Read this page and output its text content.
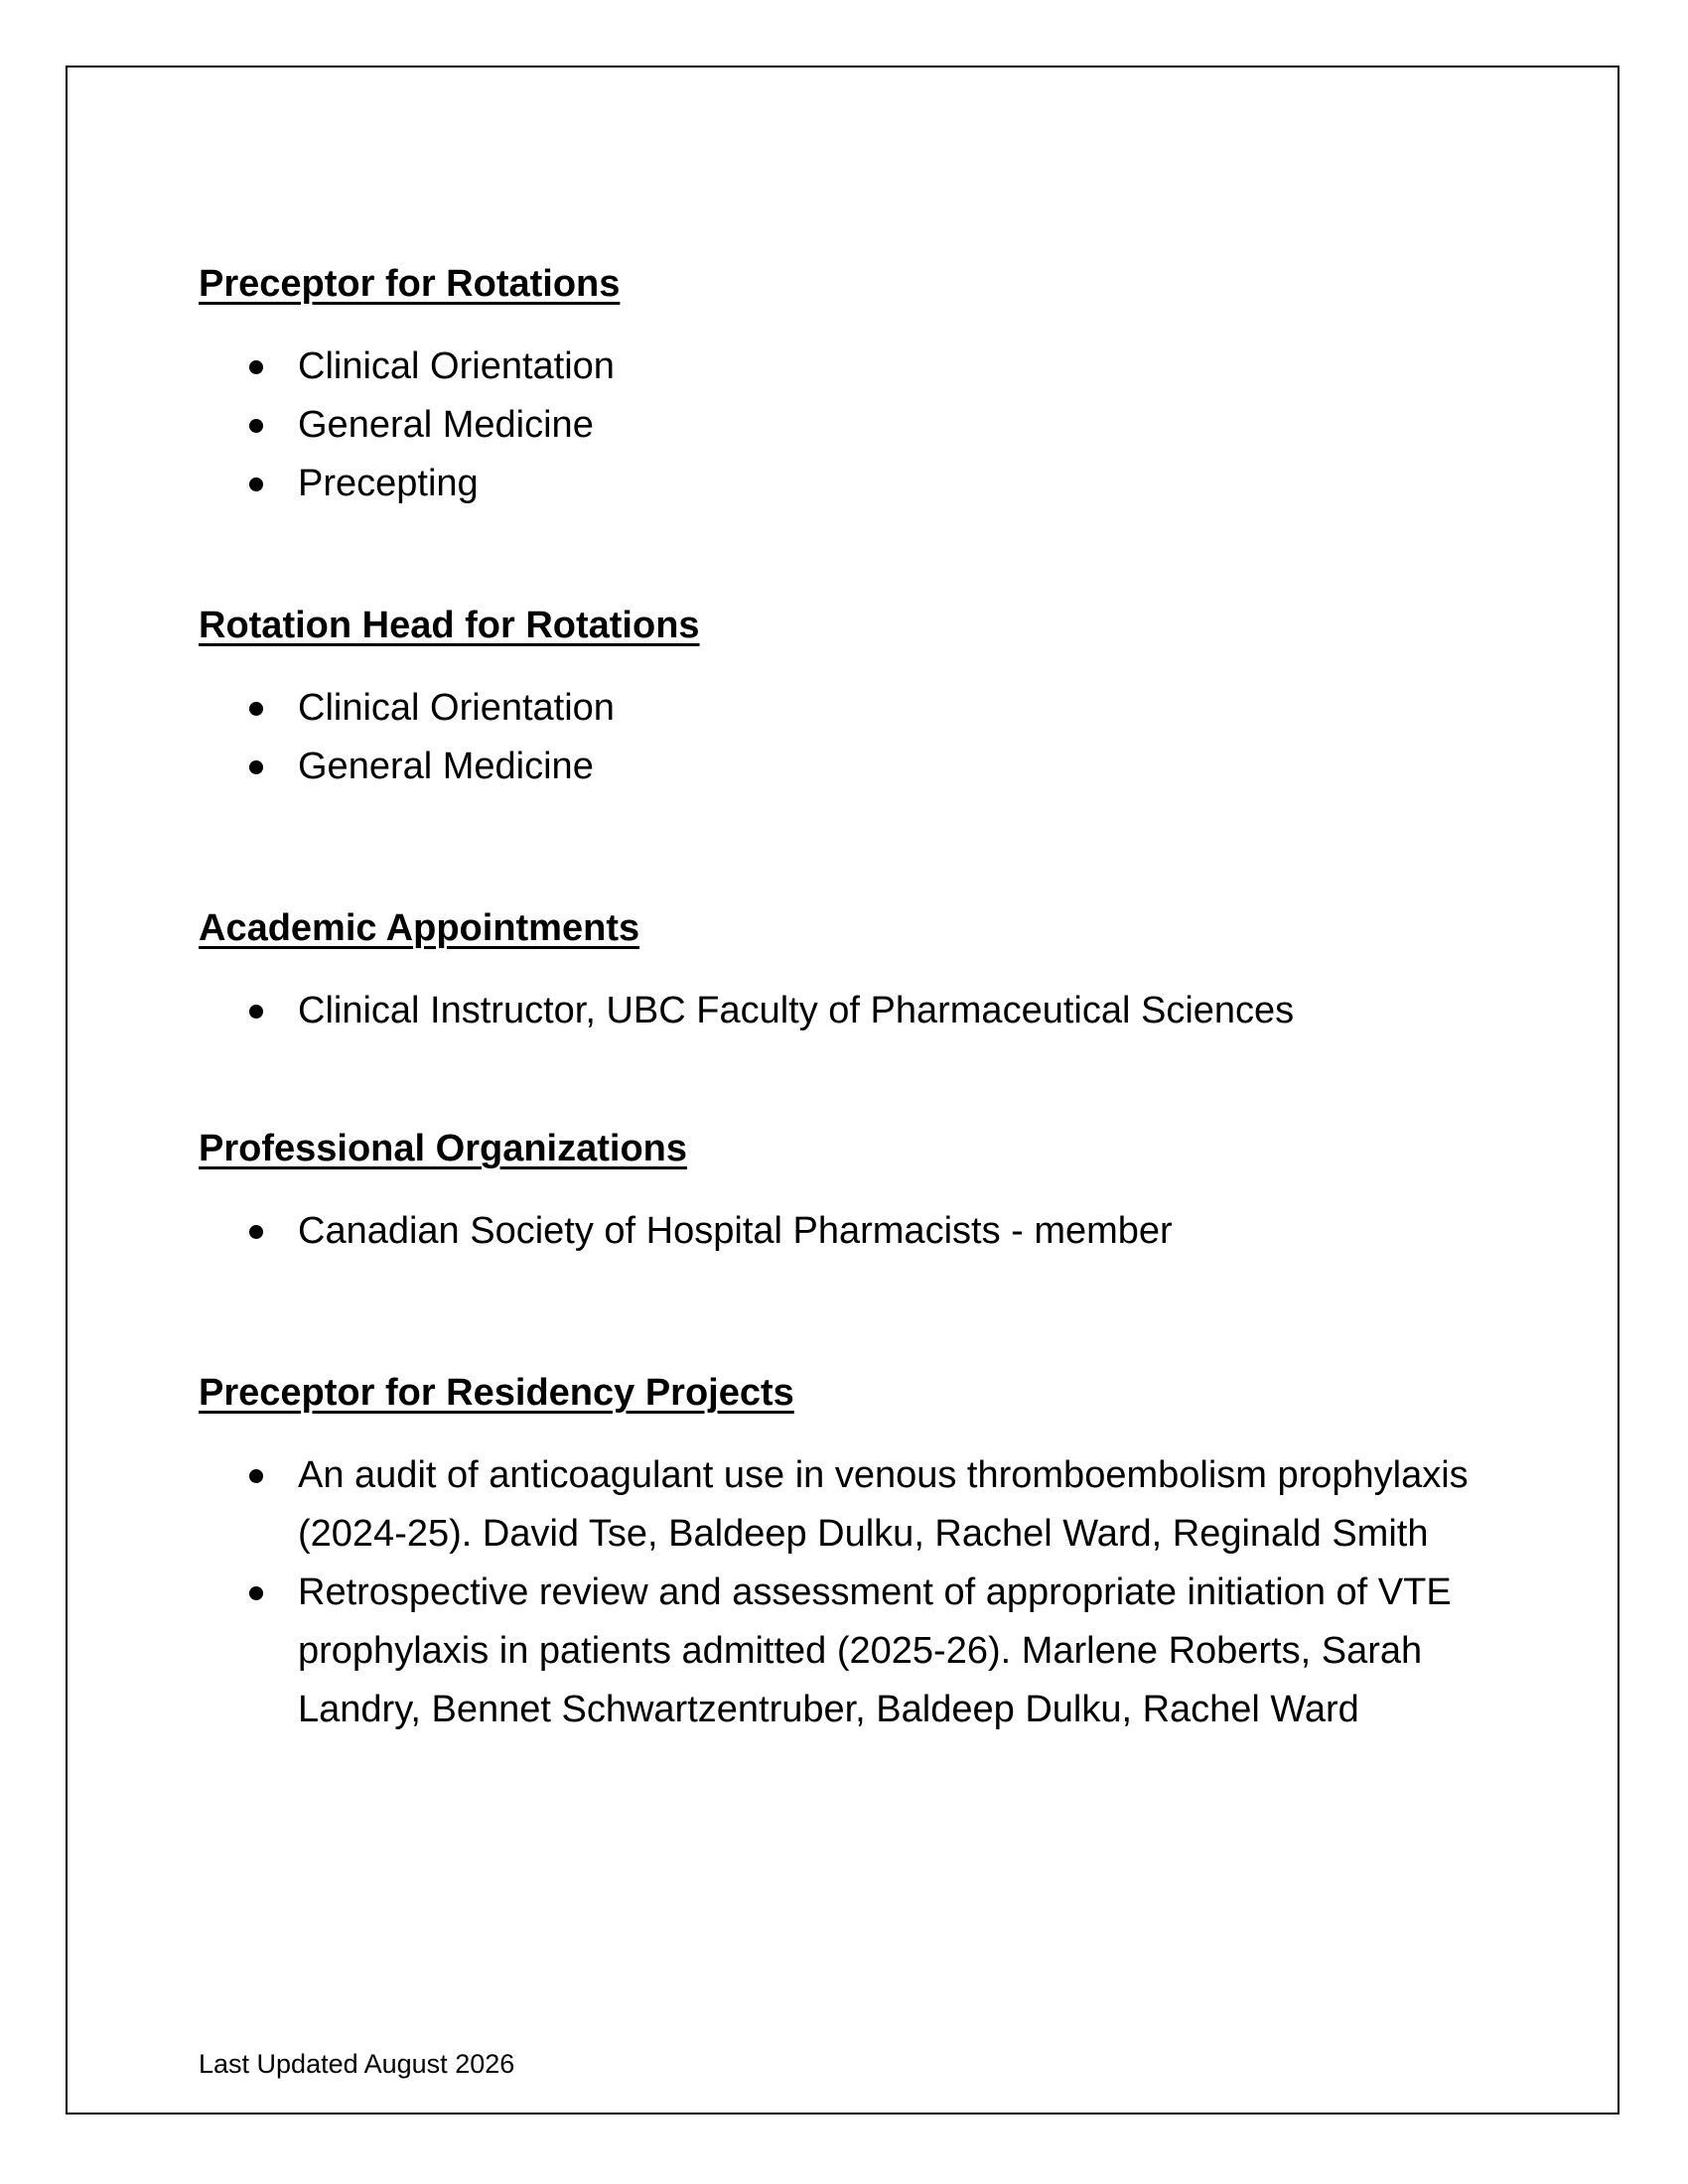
Preceptor for Rotations
Clinical Orientation
General Medicine
Precepting
Rotation Head for Rotations
Clinical Orientation
General Medicine
Academic Appointments
Clinical Instructor, UBC Faculty of Pharmaceutical Sciences
Professional Organizations
Canadian Society of Hospital Pharmacists - member
Preceptor for Residency Projects
An audit of anticoagulant use in venous thromboembolism prophylaxis (2024-25). David Tse, Baldeep Dulku, Rachel Ward, Reginald Smith
Retrospective review and assessment of appropriate initiation of VTE prophylaxis in patients admitted (2025-26). Marlene Roberts, Sarah Landry, Bennet Schwartzentruber, Baldeep Dulku, Rachel Ward
Last Updated August 2026
